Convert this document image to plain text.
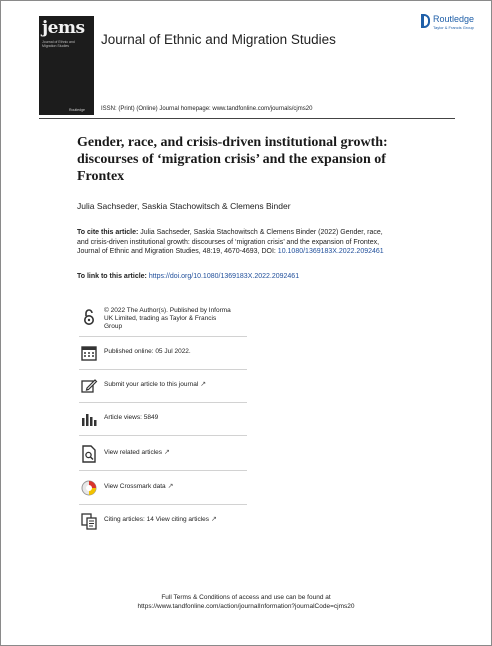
jems
Journal of Ethnic and Migration Studies
Routledge
Journal of Ethnic and Migration Studies
Routledge
Taylor & Francis Group
ISSN: (Print) (Online) Journal homepage: www.tandfonline.com/journals/cjms20
Gender, race, and crisis-driven institutional growth: discourses of ‘migration crisis’ and the expansion of Frontex
Julia Sachseder, Saskia Stachowitsch & Clemens Binder
To cite this article: Julia Sachseder, Saskia Stachowitsch & Clemens Binder (2022) Gender, race, and crisis-driven institutional growth: discourses of ‘migration crisis’ and the expansion of Frontex, Journal of Ethnic and Migration Studies, 48:19, 4670-4693, DOI: 10.1080/1369183X.2022.2092461
To link to this article: https://doi.org/10.1080/1369183X.2022.2092461
© 2022 The Author(s). Published by Informa
UK Limited, trading as Taylor & Francis
Group
Published online: 05 Jul 2022.
Submit your article to this journal ↗
Article views: 5849
View related articles ↗
View Crossmark data ↗
Citing articles: 14 View citing articles ↗
Full Terms & Conditions of access and use can be found at
https://www.tandfonline.com/action/journalInformation?journalCode=cjms20
